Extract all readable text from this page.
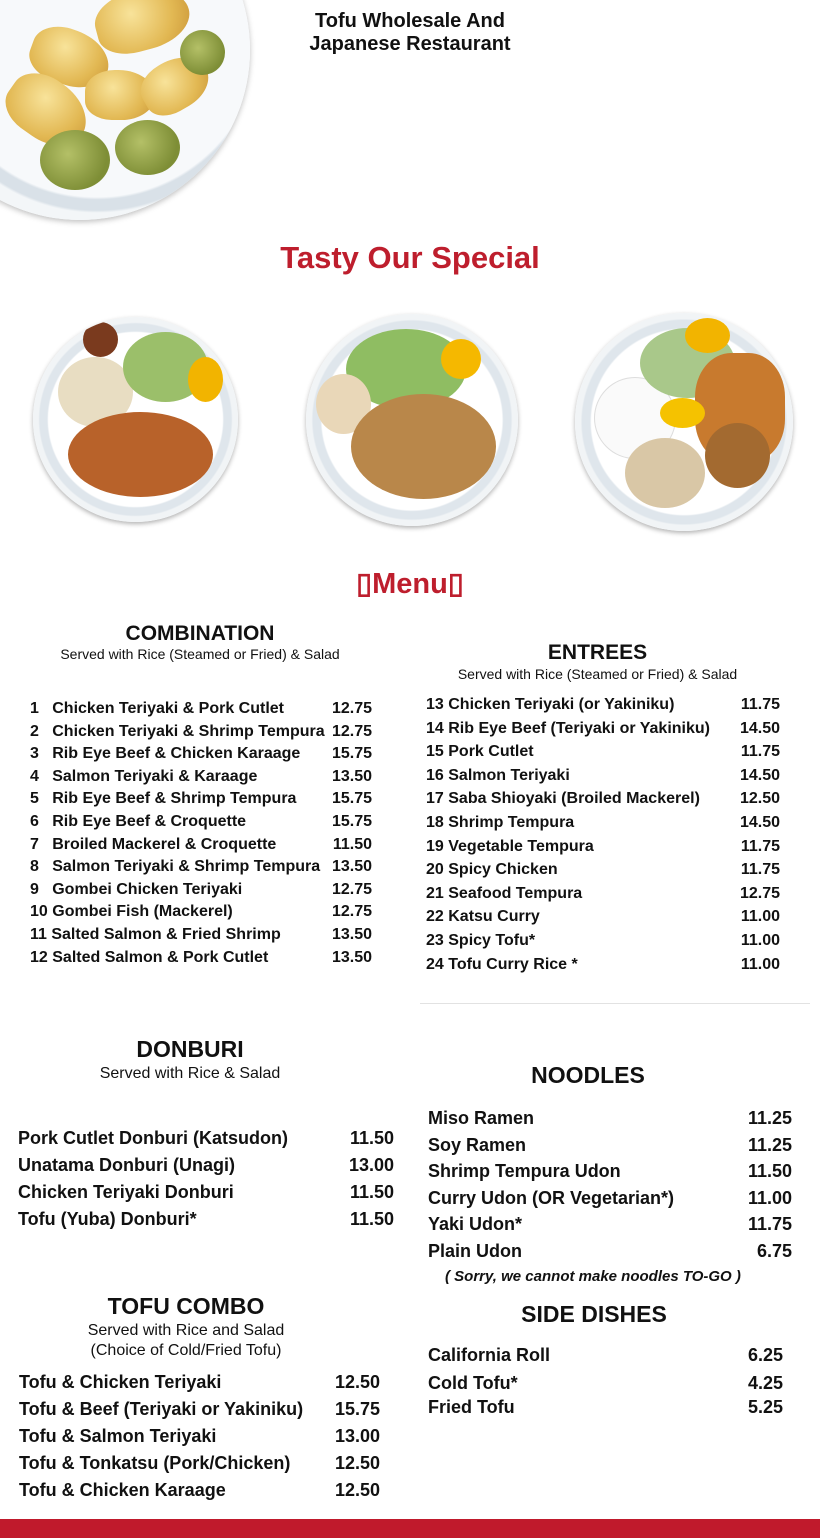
Tofu Wholesale And
Japanese Restaurant
Tasty Our Special
▯Menu▯
COMBINATION
Served with Rice (Steamed or Fried) & Salad
1   Chicken Teriyaki & Pork Cutlet	12.75
2   Chicken Teriyaki & Shrimp Tempura 12.75
3   Rib Eye Beef & Chicken Karaage 15.75
4   Salmon Teriyaki & Karaage	13.50
5   Rib Eye Beef & Shrimp Tempura 15.75
6   Rib Eye Beef & Croquette	15.75
7   Broiled Mackerel & Croquette	11.50
8   Salmon Teriyaki & Shrimp Tempura 13.50
9   Gombei Chicken Teriyaki	12.75
10 Gombei Fish (Mackerel)	12.75
11 Salted Salmon & Fried Shrimp	13.50
12 Salted Salmon & Pork Cutlet	13.50
ENTREES
Served with Rice (Steamed or Fried) & Salad
13 Chicken Teriyaki (or Yakiniku)	11.75
14 Rib Eye Beef (Teriyaki or Yakiniku) 14.50
15 Pork Cutlet	11.75
16 Salmon Teriyaki	14.50
17 Saba Shioyaki (Broiled Mackerel)	12.50
18 Shrimp Tempura	14.50
19 Vegetable Tempura	11.75
20 Spicy Chicken	11.75
21 Seafood Tempura	12.75
22 Katsu Curry	11.00
23 Spicy Tofu*	11.00
24 Tofu Curry Rice *	11.00
DONBURI
Served with Rice & Salad
Pork Cutlet Donburi (Katsudon)	11.50
Unatama Donburi (Unagi)	13.00
Chicken Teriyaki Donburi	11.50
Tofu (Yuba) Donburi*	11.50
NOODLES
Miso Ramen	11.25
Soy Ramen	11.25
Shrimp Tempura Udon	11.50
Curry Udon (OR Vegetarian*)	11.00
Yaki Udon*	11.75
Plain Udon	6.75
( Sorry, we cannot make noodles TO-GO )
TOFU COMBO
Served with Rice and Salad
(Choice of Cold/Fried Tofu)
Tofu & Chicken Teriyaki	12.50
Tofu & Beef (Teriyaki or Yakiniku) 15.75
Tofu & Salmon Teriyaki	13.00
Tofu & Tonkatsu (Pork/Chicken) 12.50
Tofu & Chicken Karaage	12.50
SIDE DISHES
California Roll	6.25
Cold Tofu*	4.25
Fried Tofu	5.25
